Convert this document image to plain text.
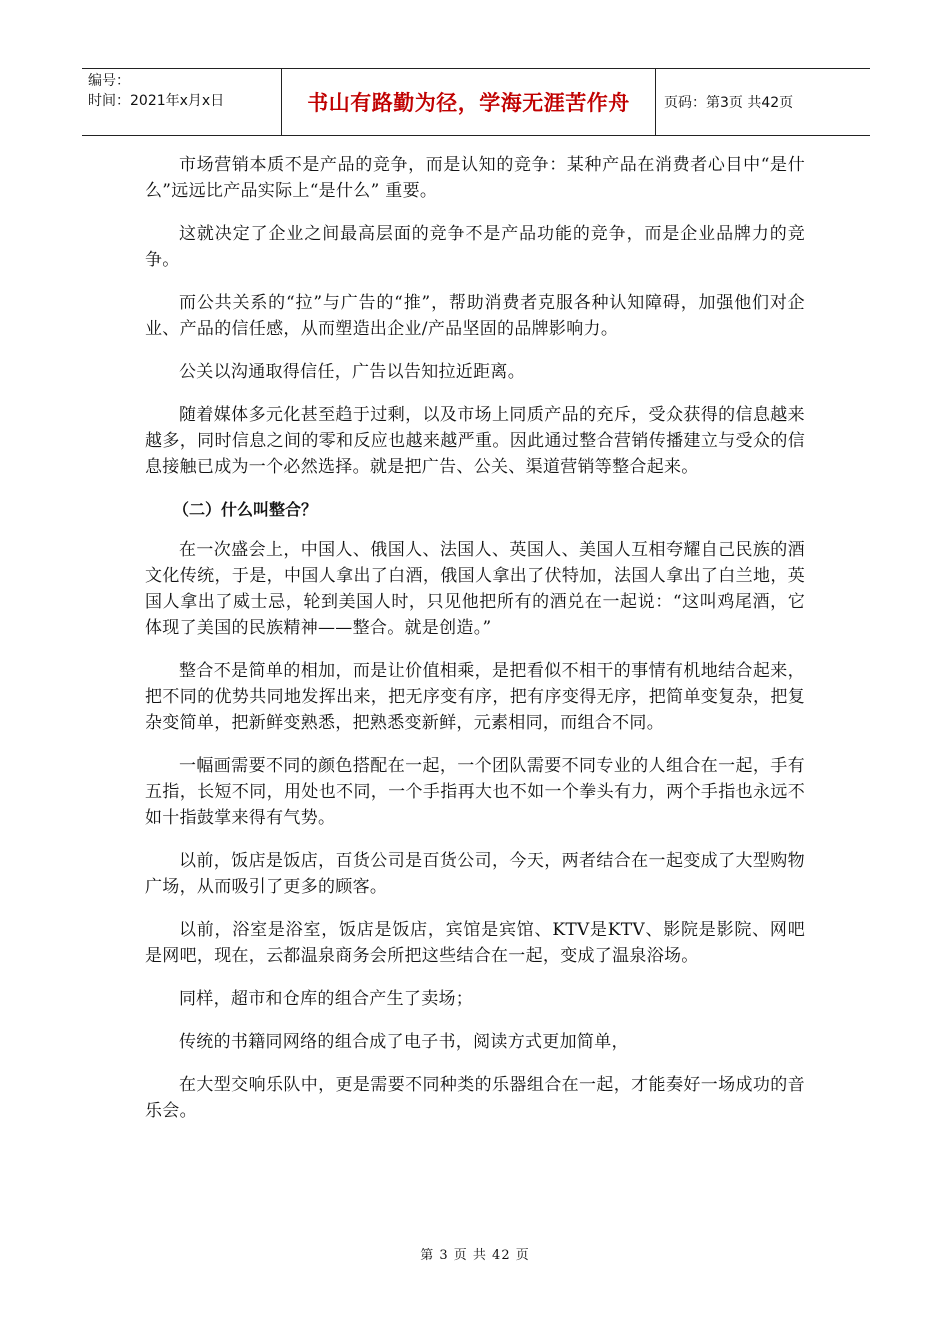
编号：
时间：2021年x月x日	书山有路勤为径，学海无涯苦作舟	页码：第3页 共42页

市场营销本质不是产品的竞争，而是认知的竞争：某种产品在消费者心目中“是什么”远远比产品实际上“是什么” 重要。

这就决定了企业之间最高层面的竞争不是产品功能的竞争，而是企业品牌力的竞争。

而公共关系的“拉”与广告的“推”，帮助消费者克服各种认知障碍，加强他们对企业、产品的信任感，从而塑造出企业/产品坚固的品牌影响力。

公关以沟通取得信任，广告以告知拉近距离。

随着媒体多元化甚至趋于过剩，以及市场上同质产品的充斥，受众获得的信息越来越多，同时信息之间的零和反应也越来越严重。因此通过整合营销传播建立与受众的信息接触已成为一个必然选择。就是把广告、公关、渠道营销等整合起来。

（二）什么叫整合？

在一次盛会上，中国人、俄国人、法国人、英国人、美国人互相夸耀自己民族的酒文化传统，于是，中国人拿出了白酒，俄国人拿出了伏特加，法国人拿出了白兰地，英国人拿出了威士忌，轮到美国人时，只见他把所有的酒兑在一起说：“这叫鸡尾酒，它体现了美国的民族精神——整合。就是创造。”

整合不是简单的相加，而是让价值相乘，是把看似不相干的事情有机地结合起来，把不同的优势共同地发挥出来，把无序变有序，把有序变得无序，把简单变复杂，把复杂变简单，把新鲜变熟悉，把熟悉变新鲜，元素相同，而组合不同。

一幅画需要不同的颜色搭配在一起，一个团队需要不同专业的人组合在一起，手有五指，长短不同，用处也不同，一个手指再大也不如一个拳头有力，两个手指也永远不如十指鼓掌来得有气势。

以前，饭店是饭店，百货公司是百货公司，今天，两者结合在一起变成了大型购物广场，从而吸引了更多的顾客。

以前，浴室是浴室，饭店是饭店，宾馆是宾馆、KTV是KTV、影院是影院、网吧是网吧，现在，云都温泉商务会所把这些结合在一起，变成了温泉浴场。

同样，超市和仓库的组合产生了卖场；

传统的书籍同网络的组合成了电子书，阅读方式更加简单，

在大型交响乐队中，更是需要不同种类的乐器组合在一起，才能奏好一场成功的音乐会。

第 3 页 共 42 页
